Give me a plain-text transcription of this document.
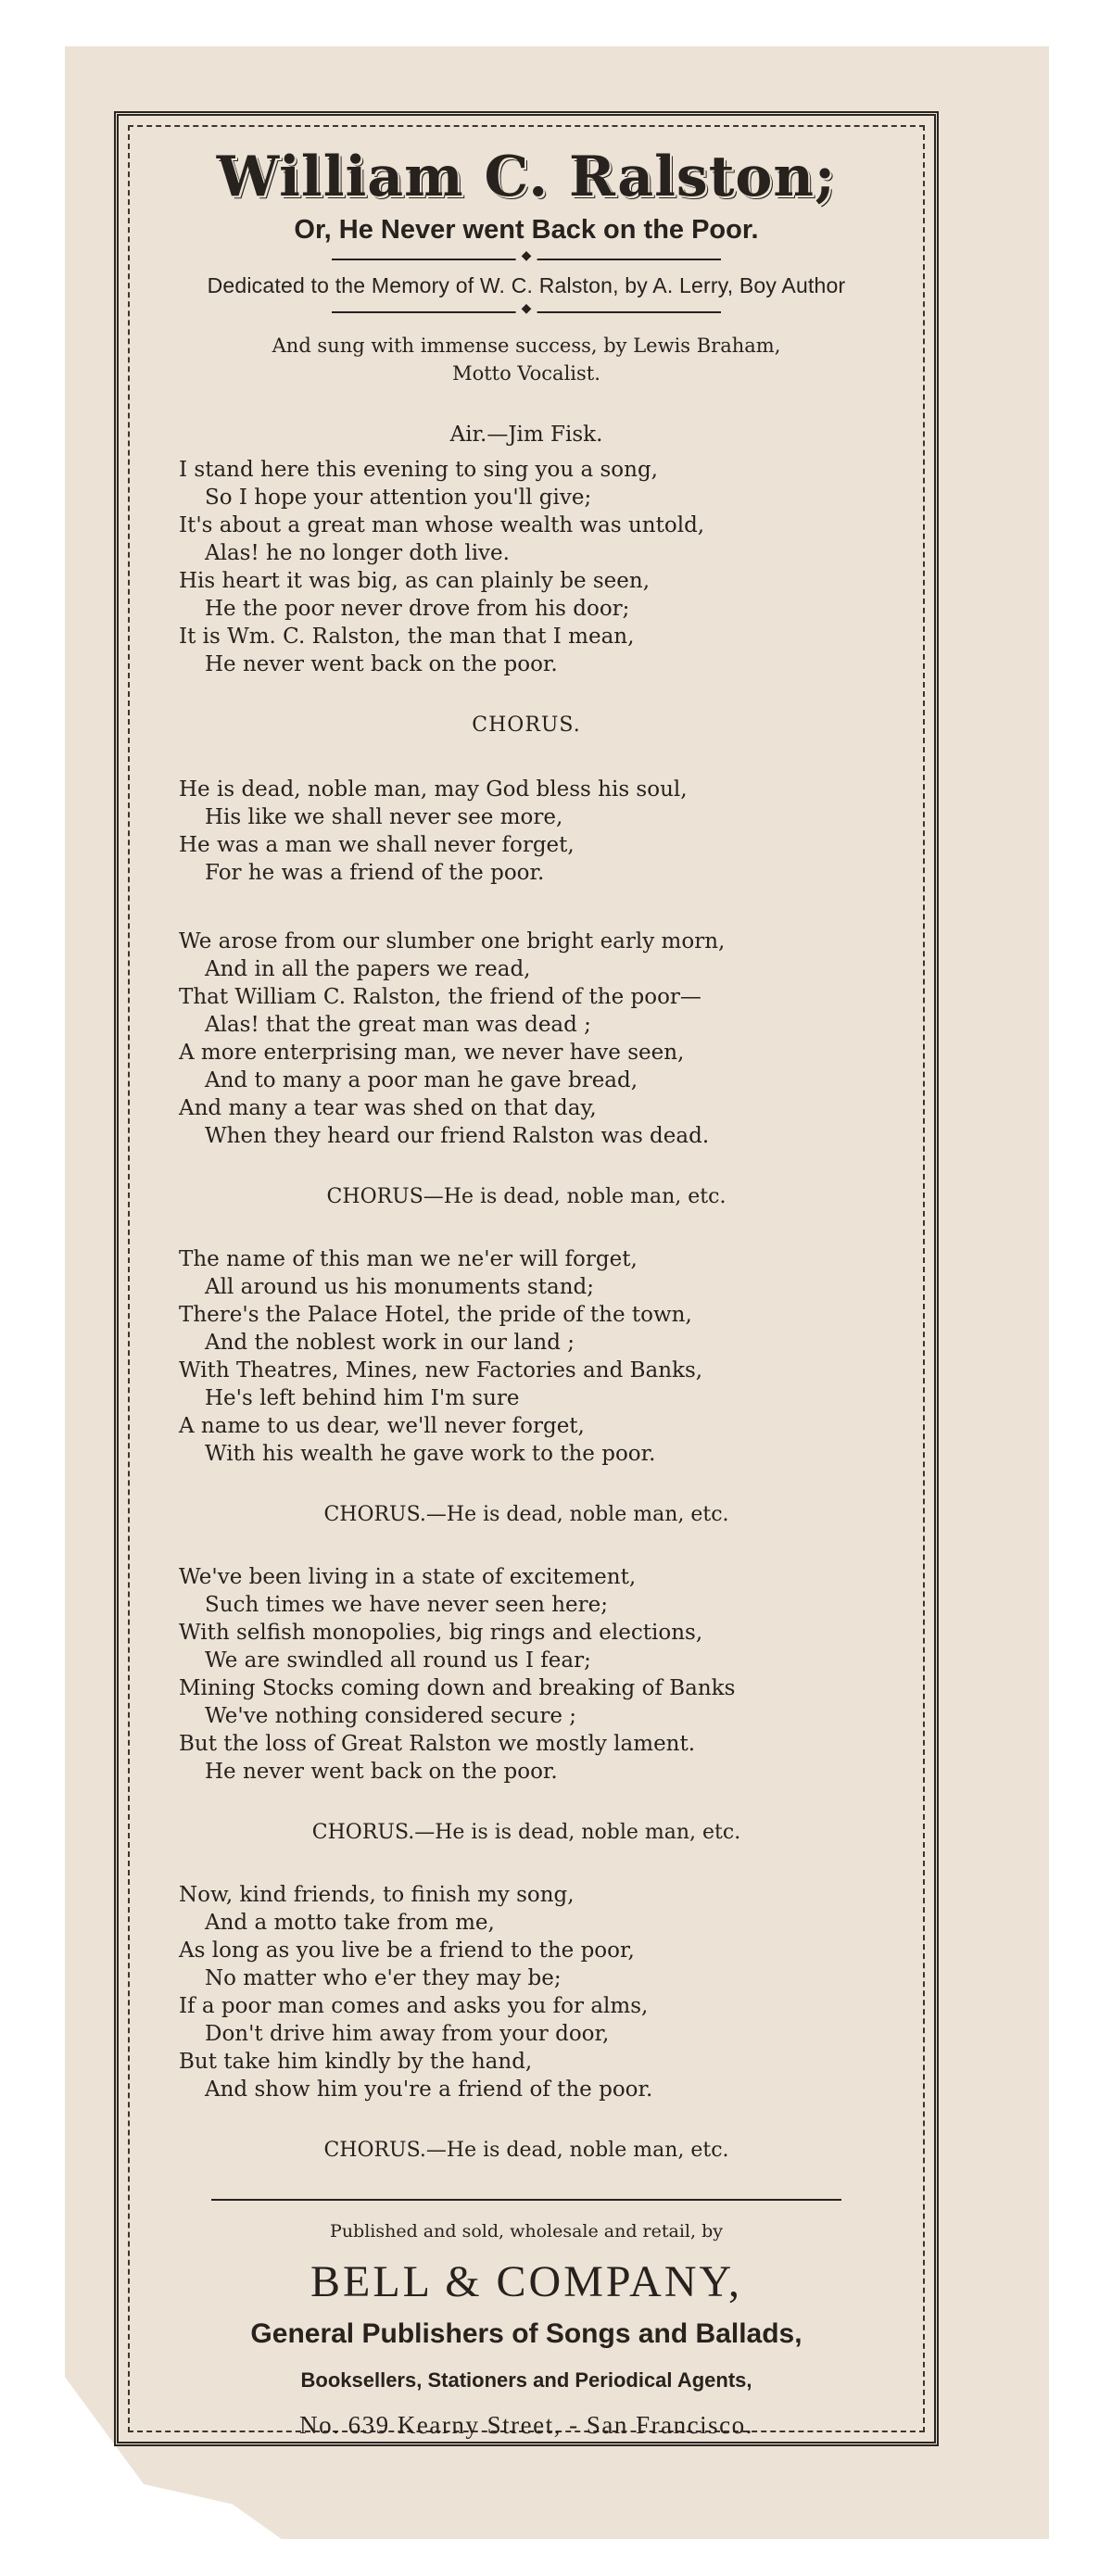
William C. Ralston;
Or, He Never went Back on the Poor.
◆
Dedicated to the Memory of W. C. Ralston, by A. Lerry, Boy Author
◆
And sung with immense success, by Lewis Braham,
Motto Vocalist.
Air.—Jim Fisk.
I stand here this evening to sing you a song,
So I hope your attention you'll give;
It's about a great man whose wealth was untold,
Alas! he no longer doth live.
His heart it was big, as can plainly be seen,
He the poor never drove from his door;
It is Wm. C. Ralston, the man that I mean,
He never went back on the poor.
CHORUS.
He is dead, noble man, may God bless his soul,
His like we shall never see more,
He was a man we shall never forget,
For he was a friend of the poor.
We arose from our slumber one bright early morn,
And in all the papers we read,
That William C. Ralston, the friend of the poor—
Alas! that the great man was dead ;
A more enterprising man, we never have seen,
And to many a poor man he gave bread,
And many a tear was shed on that day,
When they heard our friend Ralston was dead.
CHORUS—He is dead, noble man, etc.
The name of this man we ne'er will forget,
All around us his monuments stand;
There's the Palace Hotel, the pride of the town,
And the noblest work in our land ;
With Theatres, Mines, new Factories and Banks,
He's left behind him I'm sure
A name to us dear, we'll never forget,
With his wealth he gave work to the poor.
CHORUS.—He is dead, noble man, etc.
We've been living in a state of excitement,
Such times we have never seen here;
With selfish monopolies, big rings and elections,
We are swindled all round us I fear;
Mining Stocks coming down and breaking of Banks
We've nothing considered secure ;
But the loss of Great Ralston we mostly lament.
He never went back on the poor.
CHORUS.—He is is dead, noble man, etc.
Now, kind friends, to finish my song,
And a motto take from me,
As long as you live be a friend to the poor,
No matter who e'er they may be;
If a poor man comes and asks you for alms,
Don't drive him away from your door,
But take him kindly by the hand,
And show him you're a friend of the poor.
CHORUS.—He is dead, noble man, etc.
Published and sold, wholesale and retail, by
BELL & COMPANY,
General Publishers of Songs and Ballads,
Booksellers, Stationers and Periodical Agents,
No. 639 Kearny Street, - San Francisco.
